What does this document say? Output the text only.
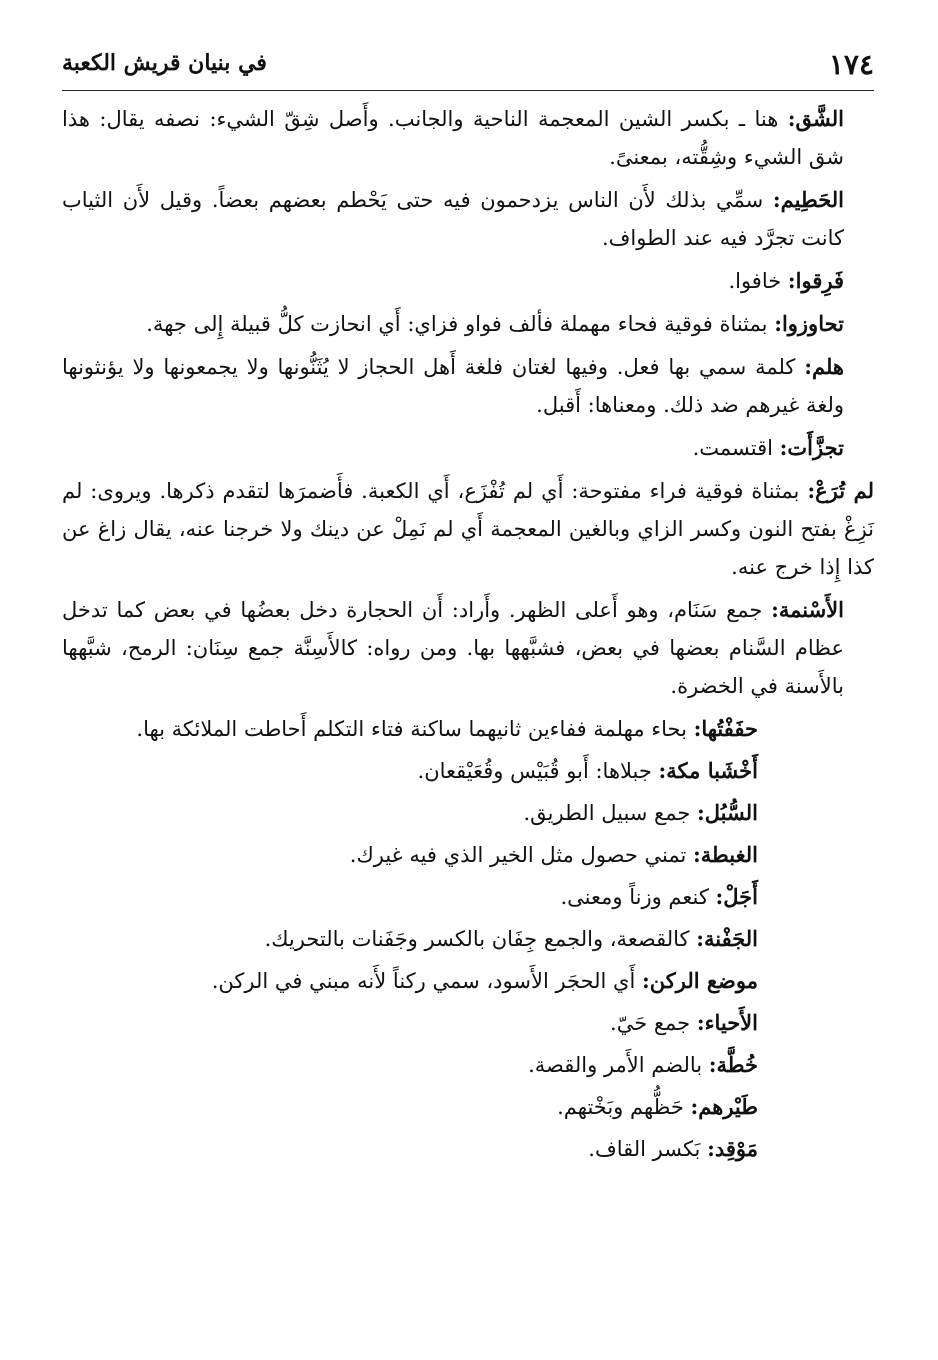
١٧٤
في بنيان قريش الكعبة

الشَّق: هنا ـ بكسر الشين المعجمة الناحية والجانب. وأَصل شِقّ الشيء: نصفه يقال: هذا شق الشيء وشِقُّته، بمعنىً.

الحَطِيم: سمِّي بذلك لأَن الناس يزدحمون فيه حتى يَحْطم بعضهم بعضاً. وقيل لأَن الثياب كانت تجرَّد فيه عند الطواف.

فَرِقوا: خافوا.

تحاوزوا: بمثناة فوقية فحاء مهملة فألف فواو فزاي: أَي انحازت كلُّ قبيلة إِلى جهة.

هلم: كلمة سمي بها فعل. وفيها لغتان فلغة أَهل الحجاز لا يُثَنُّونها ولا يجمعونها ولا يؤنثونها ولغة غيرهم ضد ذلك. ومعناها: أَقبل.

تجزَّأَت: اقتسمت.

لم تُرَعْ: بمثناة فوقية فراء مفتوحة: أَي لم تُفْزَع، أَي الكعبة. فأَضمرَها لتقدم ذكرها. ويروى: لم نَزِغْ بفتح النون وكسر الزاي وبالغين المعجمة أَي لم نَمِلْ عن دينك ولا خرجنا عنه، يقال زاغ عن كذا إِذا خرج عنه.

الأَسْنمة: جمع سَنَام، وهو أَعلى الظهر. وأَراد: أَن الحجارة دخل بعضُها في بعض كما تدخل عظام السَّنام بعضها في بعض، فشبَّهها بها. ومن رواه: كالأَسِنَّة جمع سِنَان: الرمح، شبَّهها بالأَسنة في الخضرة.

حفَفْتُها: بحاء مهلمة ففاءين ثانيهما ساكنة فتاء التكلم أَحاطت الملائكة بها.

أَخْشَبا مكة: جبلاها: أَبو قُبَيْس وقُعَيْقعان.

السُّبُل: جمع سبيل الطريق.

الغبطة: تمني حصول مثل الخير الذي فيه غيرك.

أَجَلْ: كنعم وزناً ومعنى.

الجَفْنة: كالقصعة، والجمع جِفَان بالكسر وجَفَنات بالتحريك.

موضع الركن: أَي الحجَر الأَسود، سمي ركناً لأَنه مبني في الركن.

الأَحياء: جمع حَيّ.

خُطَّة: بالضم الأَمر والقصة.

طَيْرهم: حَظُّهم وبَخْتهم.

مَوْقِد: بَكسر القاف.
